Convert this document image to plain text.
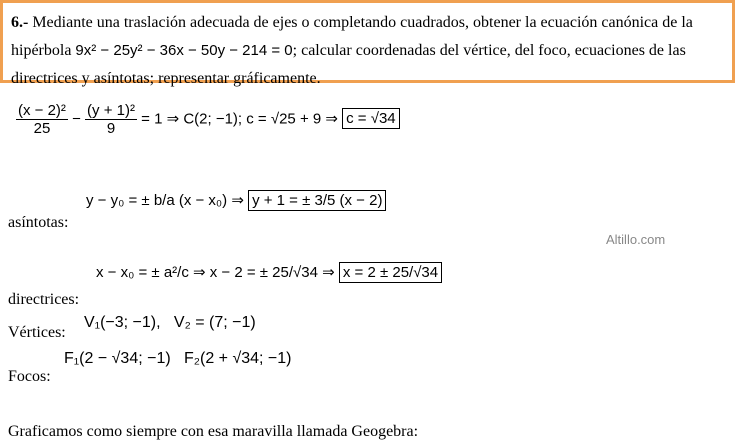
6.- Mediante una traslación adecuada de ejes o completando cuadrados, obtener la ecuación canónica de la hipérbola 9x² − 25y² − 36x − 50y − 214 = 0; calcular coordenadas del vértice, del foco, ecuaciones de las directrices y asíntotas; representar gráficamente.
$\frac{\text{(x − 2)²}}{25} - \frac{\text{(y + 1)²}}{9} = 1$ ⇒ C(2; −1); c = √25 + 9 ⇒ c = √34
y − y₀ = ± b/a (x − x₀) ⇒ y + 1 = ± 3/5 (x − 2)
asíntotas:
Altillo.com
x − x₀ = ± a²/c ⇒ x − 2 = ± 25/√34 ⇒ x = 2 ± 25/√34
directrices:
Vértices:
V₁(−3; −1), V₂ = (7; −1)
Focos:
F₁(2 − √34; −1) F₂(2 + √34; −1)
Graficamos como siempre con esa maravilla llamada Geogebra:
